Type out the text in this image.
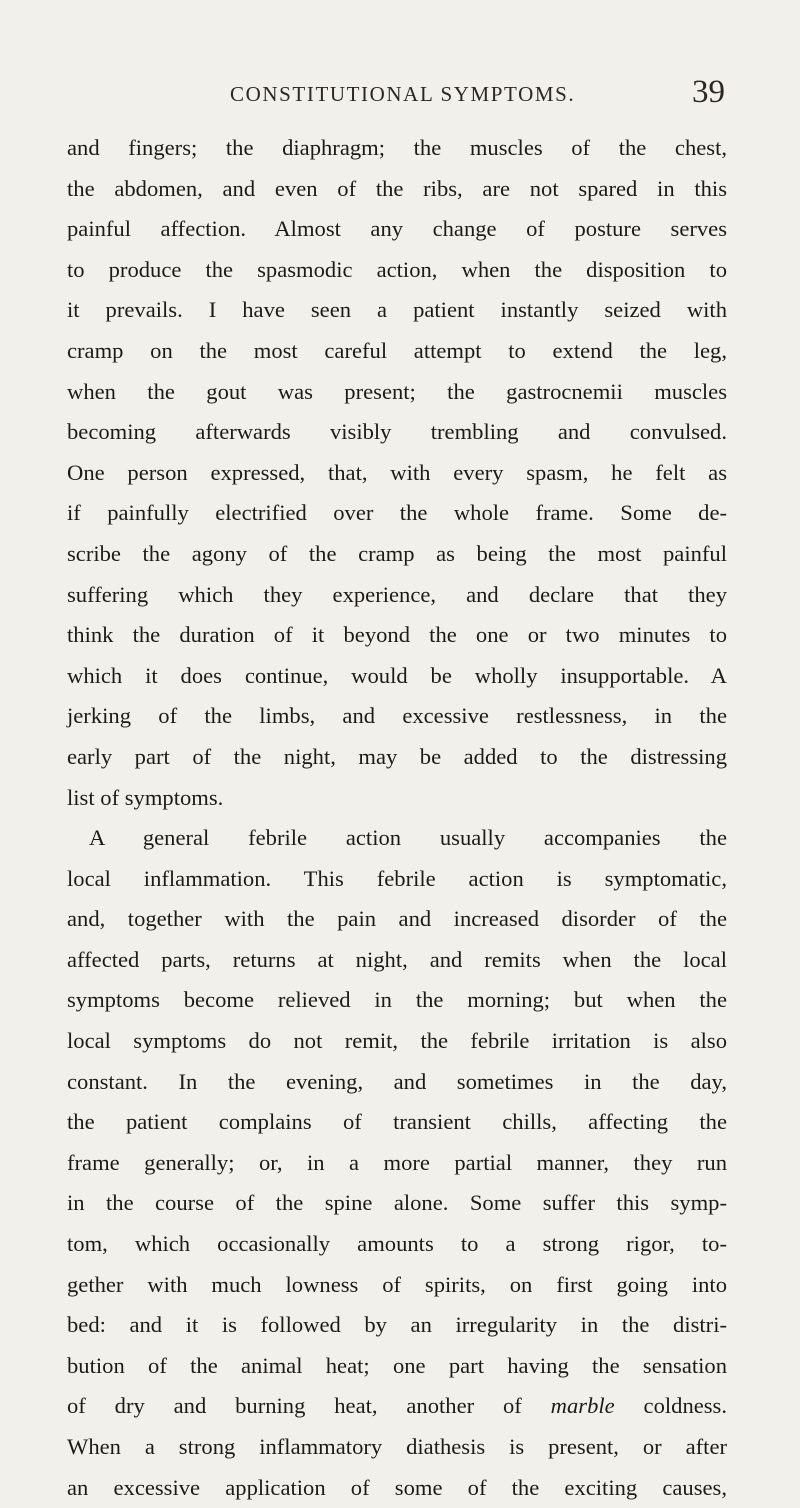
CONSTITUTIONAL SYMPTOMS.	39
and fingers; the diaphragm; the muscles of the chest,
the abdomen, and even of the ribs, are not spared in this
painful affection. Almost any change of posture serves
to produce the spasmodic action, when the disposition to
it prevails. I have seen a patient instantly seized with
cramp on the most careful attempt to extend the leg,
when the gout was present; the gastrocnemii muscles
becoming afterwards visibly trembling and convulsed.
One person expressed, that, with every spasm, he felt as
if painfully electrified over the whole frame. Some de-
scribe the agony of the cramp as being the most painful
suffering which they experience, and declare that they
think the duration of it beyond the one or two minutes to
which it does continue, would be wholly insupportable. A
jerking of the limbs, and excessive restlessness, in the
early part of the night, may be added to the distressing
list of symptoms.
A general febrile action usually accompanies the
local inflammation. This febrile action is symptomatic,
and, together with the pain and increased disorder of the
affected parts, returns at night, and remits when the local
symptoms become relieved in the morning; but when the
local symptoms do not remit, the febrile irritation is also
constant. In the evening, and sometimes in the day,
the patient complains of transient chills, affecting the
frame generally; or, in a more partial manner, they run
in the course of the spine alone. Some suffer this symp-
tom, which occasionally amounts to a strong rigor, to-
gether with much lowness of spirits, on first going into
bed: and it is followed by an irregularity in the distri-
bution of the animal heat; one part having the sensation
of dry and burning heat, another of marble coldness.
When a strong inflammatory diathesis is present, or after
an excessive application of some of the exciting causes,
